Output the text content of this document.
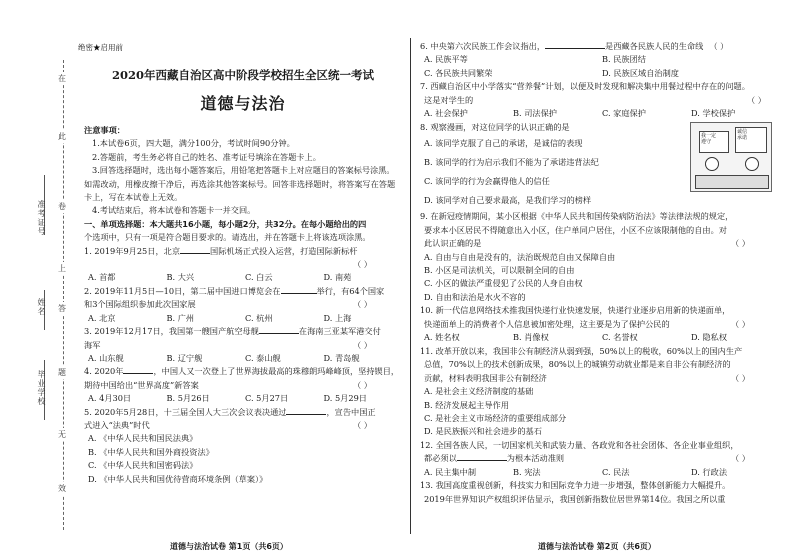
准考证号
姓名
毕业学校
在
此
卷
上
答
题
无
效
绝密★启用前
2020年西藏自治区高中阶段学校招生全区统一考试
道德与法治
注意事项：
1.本试卷6页，四大题，满分100分，考试时间90分钟。
2.答题前，考生务必将自己的姓名、准考证号填涂在答题卡上。
3.回答选择题时，选出每小题答案后，用铅笔把答题卡上对应题目的答案标号涂黑。
如需改动，用橡皮擦干净后，再选涂其他答案标号。回答非选择题时，将答案写在答题
卡上，写在本试卷上无效。
4.考试结束后，将本试卷和答题卡一并交回。
一、单项选择题：本大题共16小题，每小题2分，共32分。在每小题给出的四
个选项中，只有一项是符合题目要求的。请选出，并在答题卡上将该选项涂黑。
1. 2019年9月25日，北京	国际机场正式投入运营，打造国际新标杆
（ ）
A. 首都	B. 大兴	C. 白云	D. 南苑
2. 2019年11月5日—10日，第二届中国进口博览会在	举行，有64个国家
和3个国际组织参加此次国家展	（ ）
A. 北京	B. 广州	C. 杭州	D. 上海
3. 2019年12月17日，我国第一艘国产航空母舰	在海南三亚某军港交付
海军	（ ）
A. 山东舰	B. 辽宁舰	C. 泰山舰	D. 青岛舰
4. 2020年	，中国人又一次登上了世界海拔最高的珠穆朗玛峰峰顶，坚持锲目，
期待中国给出“世界高度”新答案	（ ）
A. 4月30日	B. 5月26日	C. 5月27日	D. 5月29日
5. 2020年5月28日，十三届全国人大三次会议表决通过	，宣告中国正
式进入“法典”时代	（ ）
A. 《中华人民共和国民法典》
B. 《中华人民共和国外商投资法》
C. 《中华人民共和国密码法》
D. 《中华人民共和国优待营商环境条例（草案）》
道德与法治试卷 第1页（共6页）
6. 中央第六次民族工作会议指出，	是西藏各民族人民的生命线 （ ）
A. 民族平等	B. 民族团结
C. 各民族共同繁荣	D. 民族区域自治制度
7. 西藏自治区中小学落实“营养餐”计划，以便及时发现和解决集中用餐过程中存在的问题。
这是对学生的	（ ）
A. 社会保护	B. 司法保护	C. 家庭保护	D. 学校保护
8. 观察漫画，对这位同学的认识正确的是
A. 该同学克服了自己的承诺，是诚信的表现
B. 该同学的行为启示我们不能为了承诺违背法纪
C. 该同学的行为会赢得他人的信任
D. 该同学对自己要求最高，是我们学习的榜样
9. 在新冠疫情期间，某小区根据《中华人民共和国传染病防治法》等法律法规的规定，
要求本小区居民不得随意出入小区，住户单同户居住，小区不应该限制他的自由。对
此认识正确的是	（ ）
A. 自由与自由是没有的，法治既规范自由又保障自由
B. 小区是司法机关，可以限制全同的自由
C. 小区的做法严重侵犯了公民的人身自由权
D. 自由和法治是水火不容的
10. 新一代信息网络技术推我国快递行业快速发展，快递行业逐步启用新的快递面单，
快递面单上的消费者个人信息被加密处理，这主要是为了保护公民的	（ ）
A. 姓名权	B. 肖像权	C. 名誉权	D. 隐私权
11. 改革开放以来，我国非公有制经济从弱到强，50%以上的税收，60%以上的国内生产
总值，70%以上的技术创新成果，80%以上的城镇劳动就业都是来自非公有制经济的
贡献，材料表明我国非公有制经济	（ ）
A. 是社会主义经济制度的基础
B. 经济发展起主导作用
C. 是社会主义市场经济的重要组成部分
D. 是民族振兴和社会进步的基石
12. 全国各族人民，一切国家机关和武装力量、各政党和各社会团体、各企业事业组织，
都必须以	为根本活动准则	（ ）
A. 民主集中制	B. 宪法	C. 民法	D. 行政法
13. 我国高度重视创新，科技实力和国际竞争力进一步增强，整体创新能力大幅提升。
2019年世界知识产权组织评估显示，我国创新指数位居世界第14位。我国之所以重
我一定
遵守
诚信
承诺
道德与法治试卷 第2页（共6页）
